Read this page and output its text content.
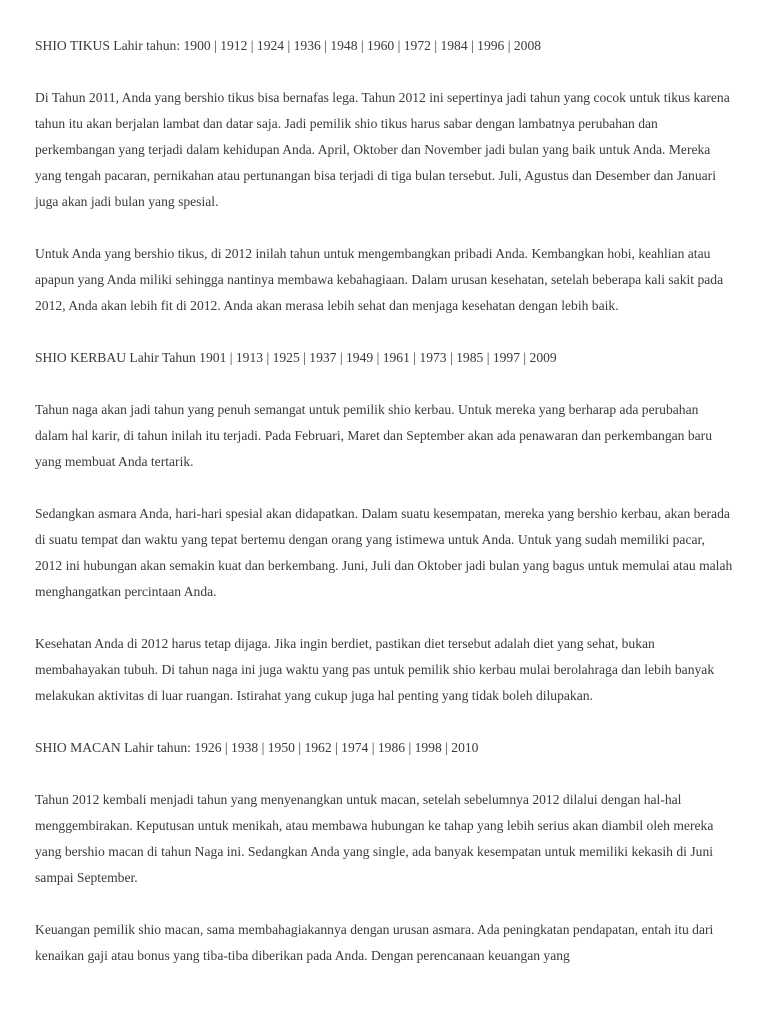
SHIO TIKUS Lahir tahun: 1900 | 1912 | 1924 | 1936 | 1948 | 1960 | 1972 | 1984 | 1996 | 2008

Di Tahun 2011, Anda yang bershio tikus bisa bernafas lega. Tahun 2012 ini sepertinya jadi tahun yang cocok untuk tikus karena tahun itu akan berjalan lambat dan datar saja. Jadi pemilik shio tikus harus sabar dengan lambatnya perubahan dan perkembangan yang terjadi dalam kehidupan Anda. April, Oktober dan November jadi bulan yang baik untuk Anda. Mereka yang tengah pacaran, pernikahan atau pertunangan bisa terjadi di tiga bulan tersebut. Juli, Agustus dan Desember dan Januari juga akan jadi bulan yang spesial.

Untuk Anda yang bershio tikus, di 2012 inilah tahun untuk mengembangkan pribadi Anda. Kembangkan hobi, keahlian atau apapun yang Anda miliki sehingga nantinya membawa kebahagiaan. Dalam urusan kesehatan, setelah beberapa kali sakit pada 2012, Anda akan lebih fit di 2012. Anda akan merasa lebih sehat dan menjaga kesehatan dengan lebih baik.

SHIO KERBAU Lahir Tahun 1901 | 1913 | 1925 | 1937 | 1949 | 1961 | 1973 | 1985 | 1997 | 2009

Tahun naga akan jadi tahun yang penuh semangat untuk pemilik shio kerbau. Untuk mereka yang berharap ada perubahan dalam hal karir, di tahun inilah itu terjadi. Pada Februari, Maret dan September akan ada penawaran dan perkembangan baru yang membuat Anda tertarik.

Sedangkan asmara Anda, hari-hari spesial akan didapatkan. Dalam suatu kesempatan, mereka yang bershio kerbau, akan berada di suatu tempat dan waktu yang tepat bertemu dengan orang yang istimewa untuk Anda. Untuk yang sudah memiliki pacar, 2012 ini hubungan akan semakin kuat dan berkembang. Juni, Juli dan Oktober jadi bulan yang bagus untuk memulai atau malah menghangatkan percintaan Anda.

Kesehatan Anda di 2012 harus tetap dijaga. Jika ingin berdiet, pastikan diet tersebut adalah diet yang sehat, bukan membahayakan tubuh. Di tahun naga ini juga waktu yang pas untuk pemilik shio kerbau mulai berolahraga dan lebih banyak melakukan aktivitas di luar ruangan. Istirahat yang cukup juga hal penting yang tidak boleh dilupakan.

SHIO MACAN Lahir tahun: 1926 | 1938 | 1950 | 1962 | 1974 | 1986 | 1998 | 2010

Tahun 2012 kembali menjadi tahun yang menyenangkan untuk macan, setelah sebelumnya 2012 dilalui dengan hal-hal menggembirakan. Keputusan untuk menikah, atau membawa hubungan ke tahap yang lebih serius akan diambil oleh mereka yang bershio macan di tahun Naga ini. Sedangkan Anda yang single, ada banyak kesempatan untuk memiliki kekasih di Juni sampai September.

Keuangan pemilik shio macan, sama membahagiakannya dengan urusan asmara. Ada peningkatan pendapatan, entah itu dari kenaikan gaji atau bonus yang tiba-tiba diberikan pada Anda. Dengan perencanaan keuangan yang
